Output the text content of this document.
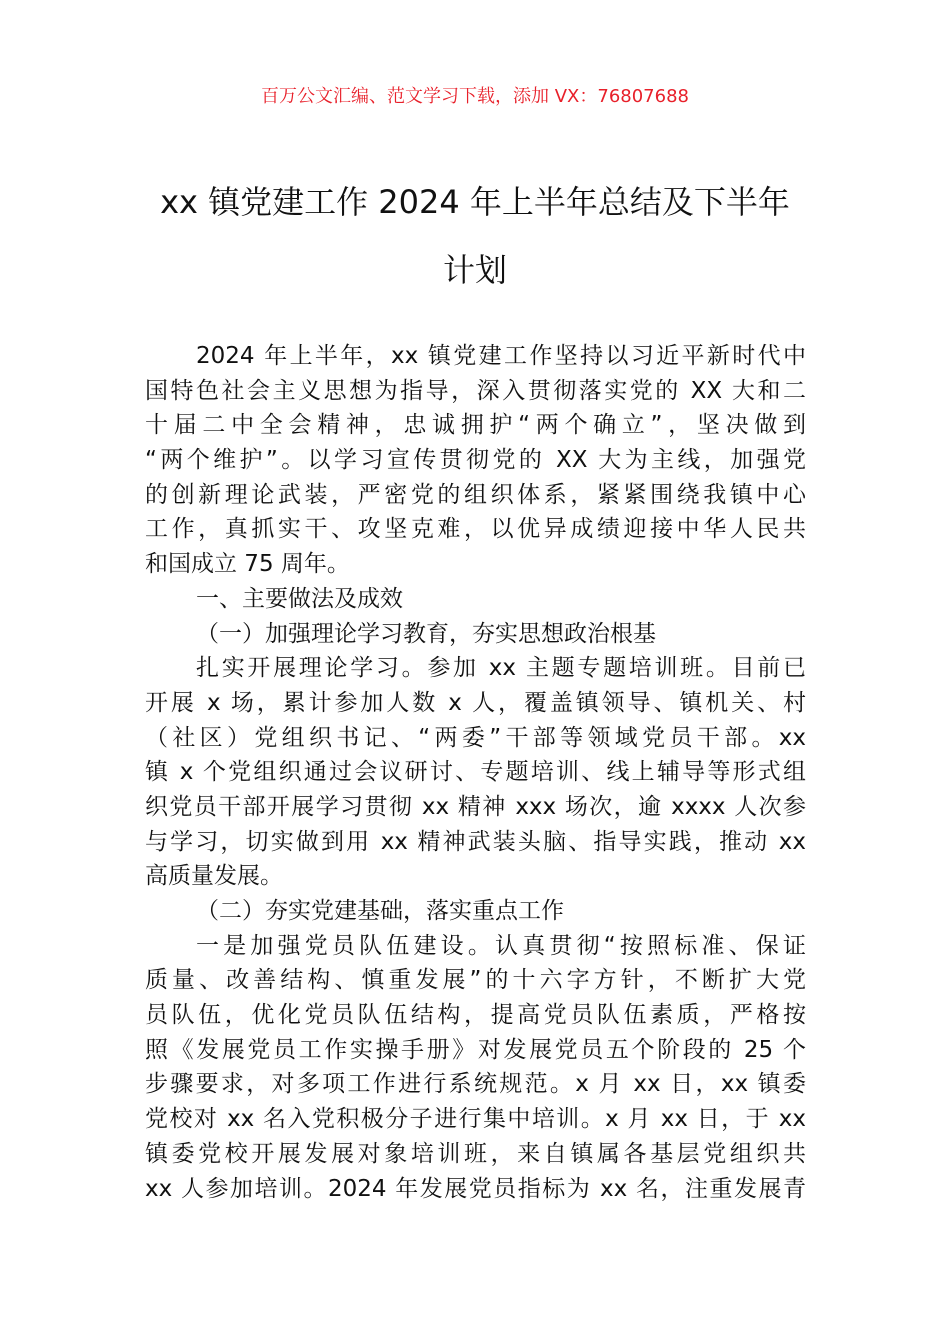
百万公文汇编、范文学习下载，添加 VX：76807688
xx 镇党建工作 2024 年上半年总结及下半年
计划
2024 年上半年，xx 镇党建工作坚持以习近平新时代中
国特色社会主义思想为指导，深入贯彻落实党的 XX 大和二
十届二中全会精神，忠诚拥护“两个确立”，坚决做到
“两个维护”。以学习宣传贯彻党的 XX 大为主线，加强党
的创新理论武装，严密党的组织体系，紧紧围绕我镇中心
工作，真抓实干、攻坚克难，以优异成绩迎接中华人民共
和国成立 75 周年。
一、主要做法及成效
（一）加强理论学习教育，夯实思想政治根基
扎实开展理论学习。参加 xx 主题专题培训班。目前已
开展 x 场，累计参加人数 x 人，覆盖镇领导、镇机关、村
（社区）党组织书记、“两委”干部等领域党员干部。xx
镇 x 个党组织通过会议研讨、专题培训、线上辅导等形式组
织党员干部开展学习贯彻 xx 精神 xxx 场次，逾 xxxx 人次参
与学习，切实做到用 xx 精神武装头脑、指导实践，推动 xx
高质量发展。
（二）夯实党建基础，落实重点工作
一是加强党员队伍建设。认真贯彻“按照标准、保证
质量、改善结构、慎重发展”的十六字方针，不断扩大党
员队伍，优化党员队伍结构，提高党员队伍素质，严格按
照《发展党员工作实操手册》对发展党员五个阶段的 25 个
步骤要求，对多项工作进行系统规范。x 月 xx 日，xx 镇委
党校对 xx 名入党积极分子进行集中培训。x 月 xx 日，于 xx
镇委党校开展发展对象培训班，来自镇属各基层党组织共
xx 人参加培训。2024 年发展党员指标为 xx 名，注重发展青
